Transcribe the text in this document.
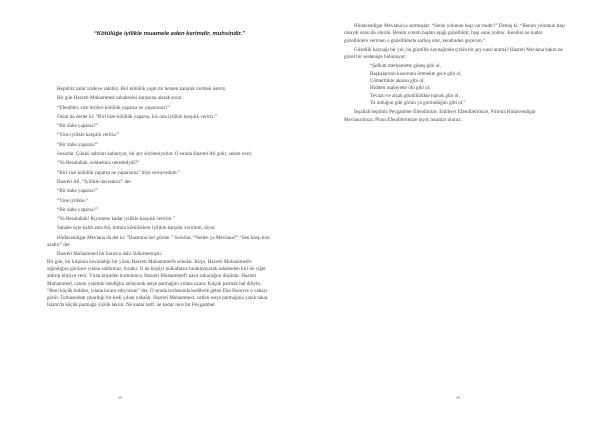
“Kötülüğe iyilikle muamele eden kerimdir, muhsindir.”

Hepimiz zahir iradeye sahibiz. Biri kötülük yaptı mı hemen karşılık vermek isteriz.

Bir gün Hazreti Muhammed sahabesini karşısına alarak sorar:

“Efendiler, size birileri kötülük yaparsa ne yaparsınız?”

Onlar da derler ki: “Biri bize kötülük yaparsa, biz ona iyilikle karşılık veririz.”

“Bir daha yaparsa?”

“Yine iyilikle karşılık veririz.”

“Bir daha yaparsa?”

Susarlar. Çünkü sabrları kabarıyor, bir şey söylemiyorlar. O sırada Hazreti Ali gelir, selam verir.

“Ya Resulallah, sohbetiniz nerededydi?”

“Biri size kötülük yaparsa ne yaparsınız” diye soruyordum.”

Hazreti Ali, “İyilikle davranırız” der.

“Bir daha yaparsa?”

“Yine iyilikle.”

“Bir daha yaparsa?”

“Ya Resulallah! Kıyamete kadar iyilikle karşılık veririm.”

Sahabe üçte kaldı ama Ali, bitmin kötülüklere iyilikle karşılık verirmm, diyor.

Hüdavendigar Mevlana da der ki: “Hasmına hor görme.” Sorarlar, “Neden ya Mevlana?” “Sen karşı kini azaltır” der.

Hazreti Muhammed bir karınca dahi öldürmemiştir.

Bir gün, bir kirpinin kovaladığı bir yılan, Hazreti Muhammed'e sokular. Kirpi, Hazreti Muhammed'e sığındığını görünce yılana saldırmaz, bırakır. O da kirpiyi mükafatsız bırakmayarak sahabeden biri ile ciğer aldırıp kirpiye verir. Yılan kirpiden kurtulunca, Hazreti Muhammed'i nasıl sokacağını düşünür. Hazreti Muhammed, canını yakmak istediğini anlayarak serçe parmağını yılana uzatır. Küçük parmak hal diliyle, “Beni küçük buldun, yılana kıram ediyorsun” der. O sırada tozbasında kedilerle gelen Ebu Hureyre o vakayı görür. Torbasından çıkardığı bir kedi yılanı yakalar. Hazreti Muhammed, sırtlan serçe parmağına yazık takar. İslam'da küçük parmağa yüzük takılır. Ne kadar latif, ne kadar ince bir Peygamber.

48

Hüdavendigar Mevlana'ya sormuşlar: “Senin yolunun başı var mıdır?” Demiş ki: “Benim yolumun başı olsaydı sonu da olurdu. Benim yolum baştan aşağı güzelliktir, başı sonu yoktur. Kendini ne kadar güzelliklere verirsen o güzelliklerle sarhoş olur, kendinden geçersin.”

Güzellik kaynağı bir yol, bu güzellik kaynağında çirkin bir şey nasıl arama? Hazreti Mevlana bakın ne güzel bir seslenişte bulunuyor:

“Şefkati merhamette güneş gibi ol,

Başkalarının kusurunu örtmekte gece gibi ol,

Cömertlikte akarsu gibi ol,

Hiddeti asabiyette ölü gibi ol,

Tevazu ve alçak gönüllülükte toprak gibi ol,

Ya olduğun gibi görün ya göründüğün gibi ol.”

İnşallah hepimiz Peygamber Efendimize, Ehlibeyt Efendilerimize, Pirimiz Hüdavendigar Mevlana'mıza, Piran Efendilerimize layık insanlar oluruz.

49
